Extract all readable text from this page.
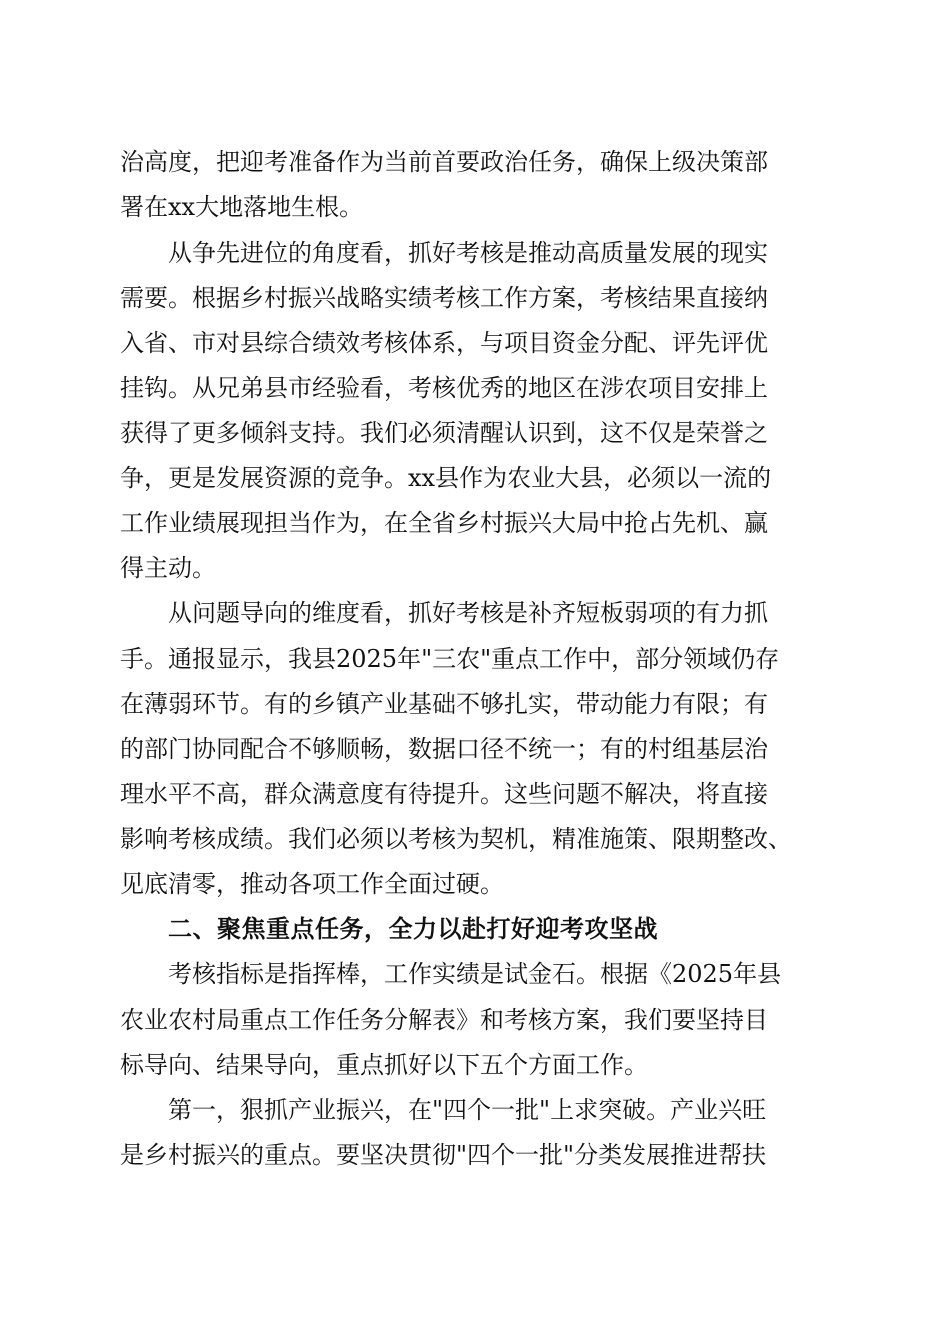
治高度，把迎考准备作为当前首要政治任务，确保上级决策部
署在xx大地落地生根。
从争先进位的角度看，抓好考核是推动高质量发展的现实
需要。根据乡村振兴战略实绩考核工作方案，考核结果直接纳
入省、市对县综合绩效考核体系，与项目资金分配、评先评优
挂钩。从兄弟县市经验看，考核优秀的地区在涉农项目安排上
获得了更多倾斜支持。我们必须清醒认识到，这不仅是荣誉之
争，更是发展资源的竞争。xx县作为农业大县，必须以一流的
工作业绩展现担当作为，在全省乡村振兴大局中抢占先机、赢
得主动。
从问题导向的维度看，抓好考核是补齐短板弱项的有力抓
手。通报显示，我县2025年"三农"重点工作中，部分领域仍存
在薄弱环节。有的乡镇产业基础不够扎实，带动能力有限；有
的部门协同配合不够顺畅，数据口径不统一；有的村组基层治
理水平不高，群众满意度有待提升。这些问题不解决，将直接
影响考核成绩。我们必须以考核为契机，精准施策、限期整改、
见底清零，推动各项工作全面过硬。
二、聚焦重点任务，全力以赴打好迎考攻坚战
考核指标是指挥棒，工作实绩是试金石。根据《2025年县
农业农村局重点工作任务分解表》和考核方案，我们要坚持目
标导向、结果导向，重点抓好以下五个方面工作。
第一，狠抓产业振兴，在"四个一批"上求突破。产业兴旺
是乡村振兴的重点。要坚决贯彻"四个一批"分类发展推进帮扶
